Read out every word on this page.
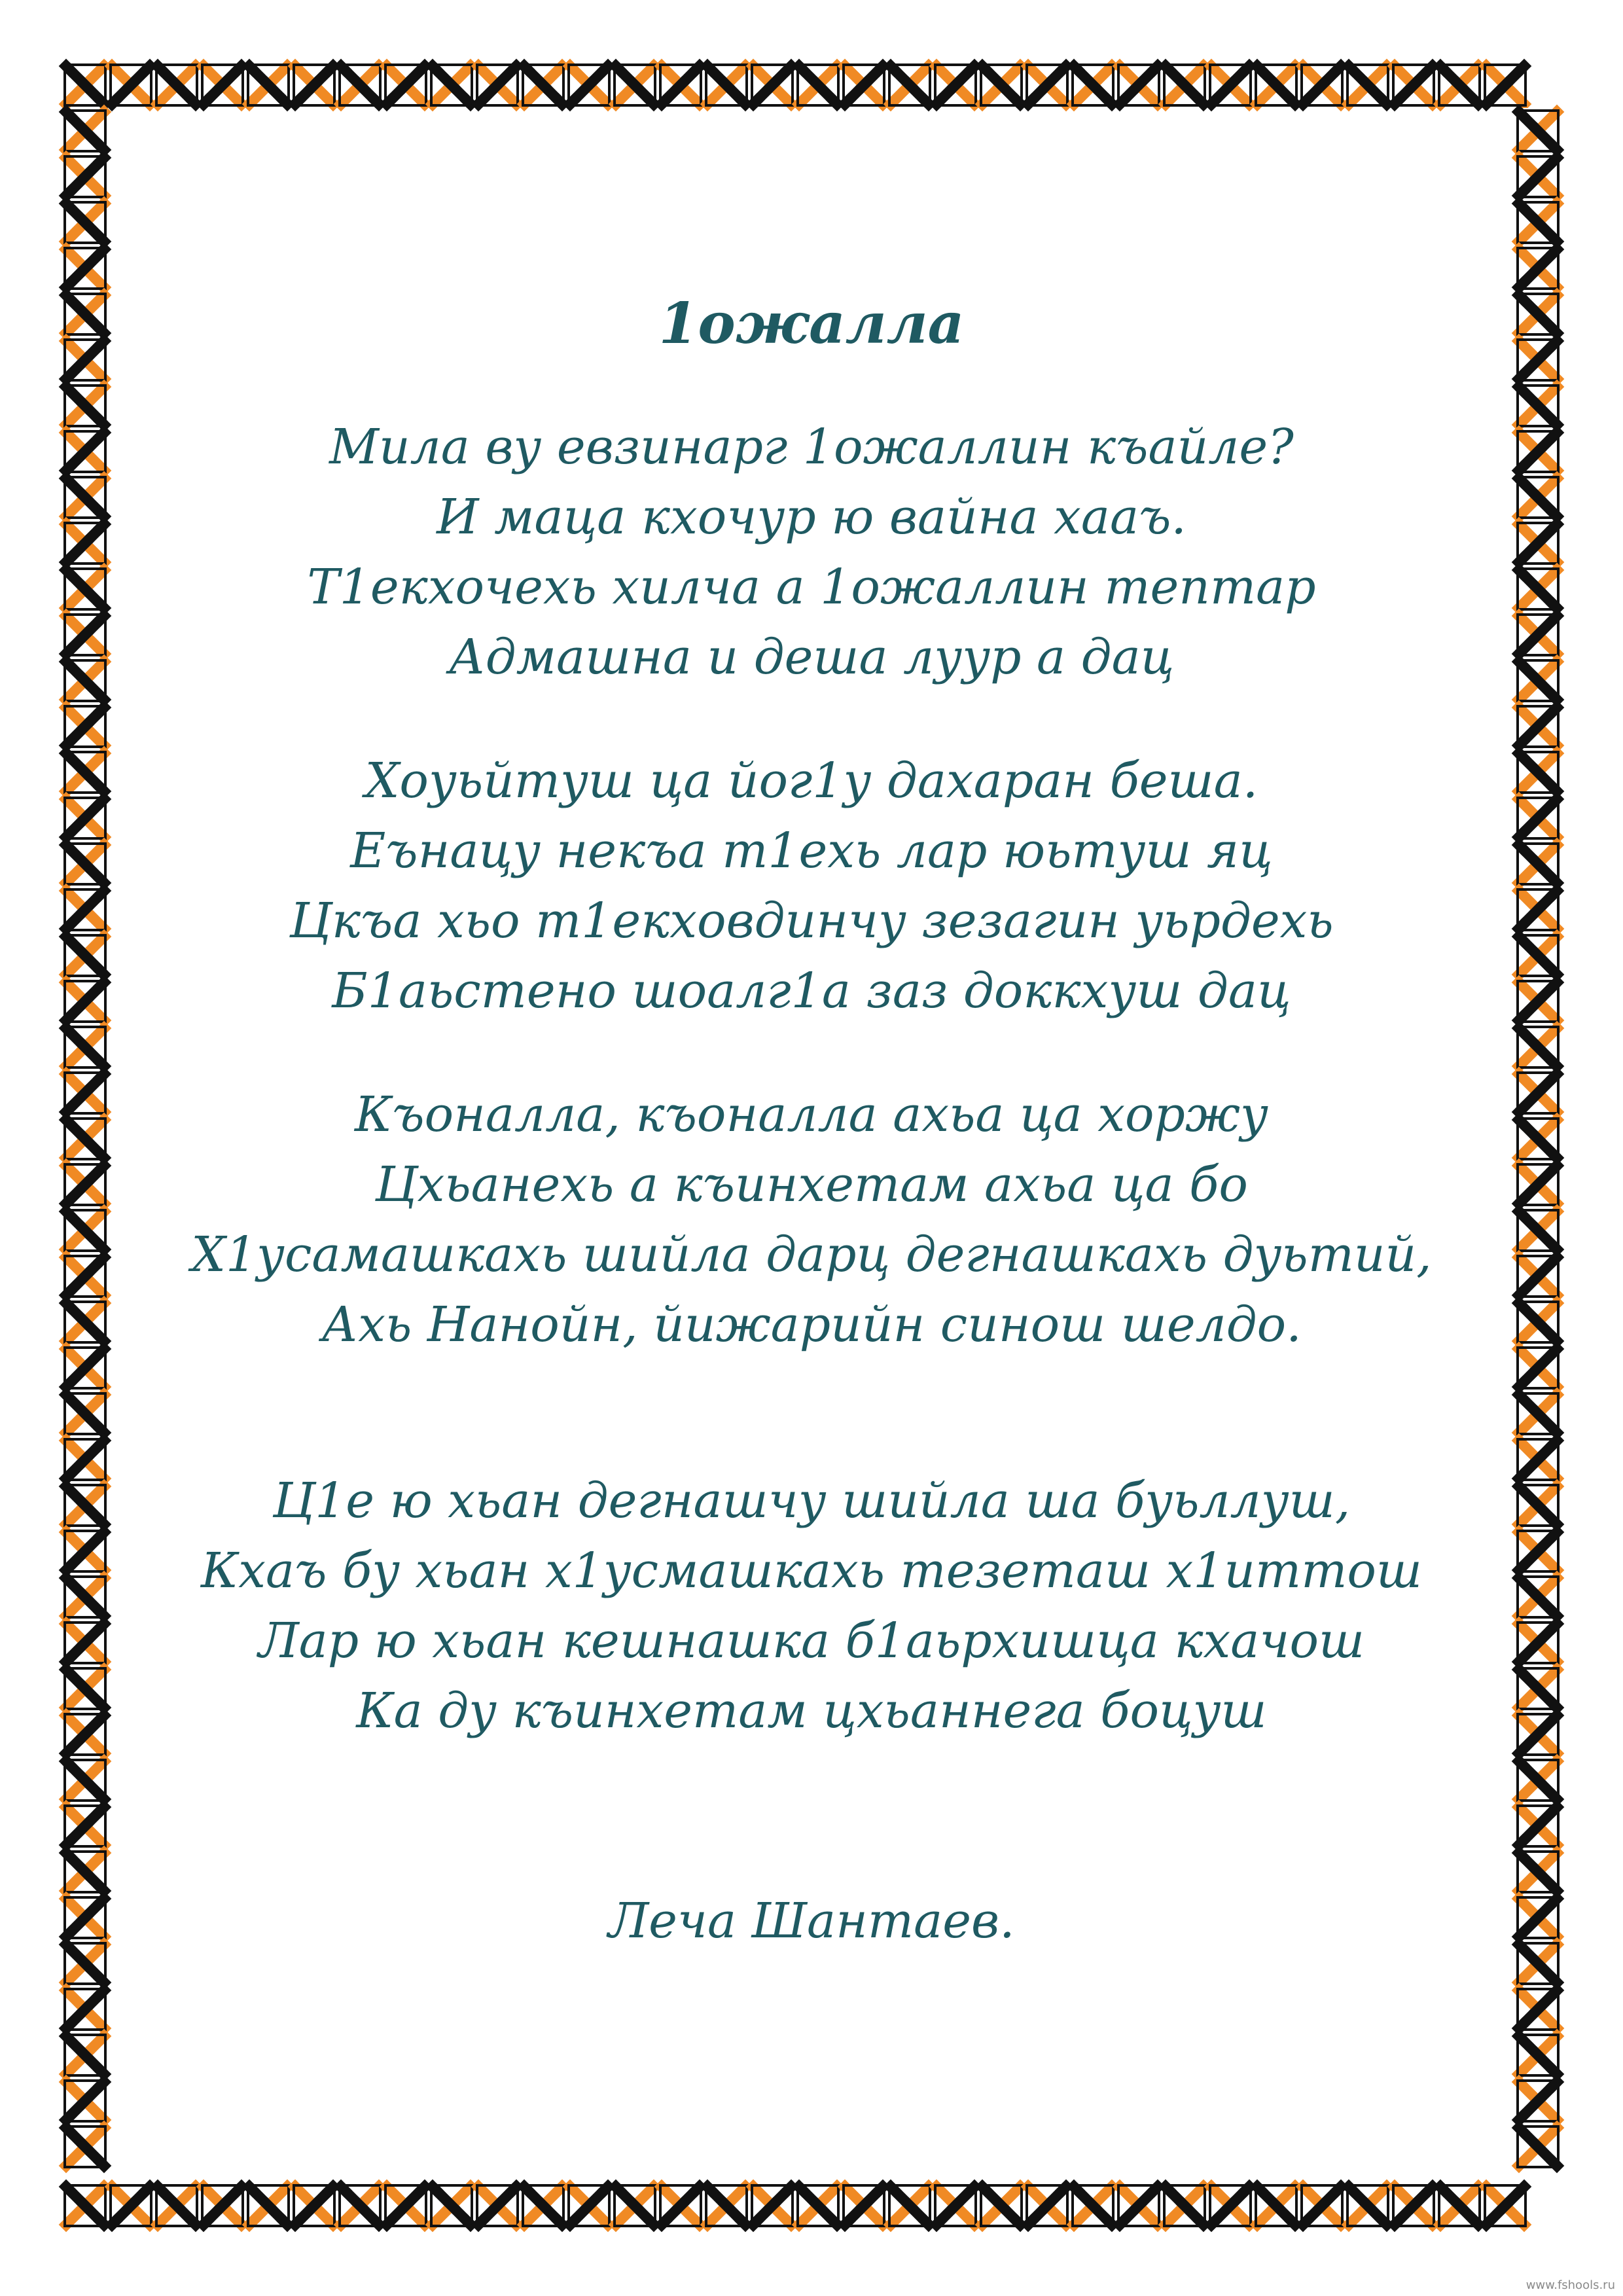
1ожалла
Мила ву евзинарг 1ожаллин къайле?
И маца кхочур ю вайна хааъ.
Т1екхочехь хилча а 1ожаллин тептар
Адмашна и деша луур а дац
Хоуьйтуш ца йог1у дахаран беша.
Еънацу некъа т1ехь лар юьтуш яц
Цкъа хьо т1екховдинчу зезагин уьрдехь
Б1аьстено шоалг1а заз доккхуш дац
Къоналла, къоналла ахьа ца хоржу
Цхьанехь а къинхетам ахьа ца бо
Х1усамашкахь шийла дарц дегнашкахь дуьтий,
Ахь Нанойн, йижарийн синош шелдо.
Ц1е ю хьан дегнашчу шийла ша буьллуш,
Кхаъ бу хьан х1усмашкахь тезеташ х1иттош
Лар ю хьан кешнашка б1аьрхишца кхачош
Ка ду къинхетам цхьаннега боцуш
Леча Шантаев.
www.fshools.ru
